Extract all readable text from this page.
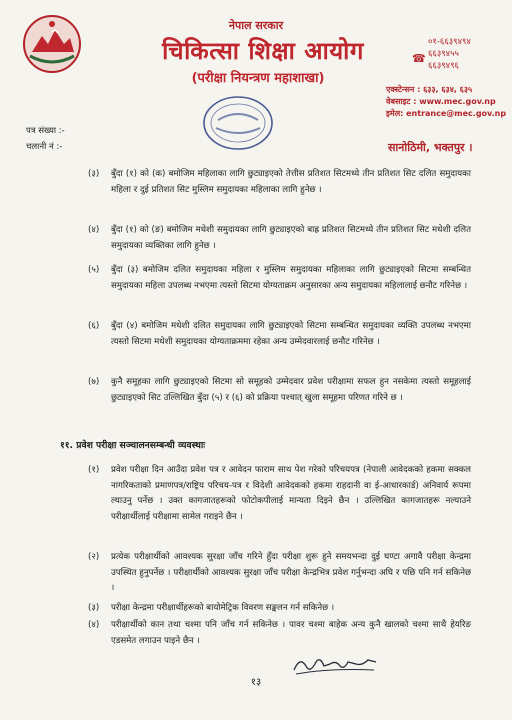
नेपाल सरकार
चिकित्सा शिक्षा आयोग
(परीक्षा नियन्त्रण महाशाखा)
☎
०१-६६३९४९४
६६३९४५५
६६३९४९६
एक्स्टेन्सन : ६३३, ६३४, ६३५
वेबसाइट : www.mec.gov.np
इमेल: entrance@mec.gov.np
पत्र संख्या :-
चलानी नं :-	सानोठिमी, भक्तपुर ।
(३) बुँदा (१) को (क) बमोजिम महिलाका लागि छुट्याइएको तेत्तीस प्रतिशत सिटमध्ये तीन प्रतिशत सिट दलित समुदायका महिला र दुई प्रतिशत सिट मुस्लिम समुदायका महिलाका लागि हुनेछ ।
(४) बुँदा (१) को (ङ) बमोजिम मधेशी समुदायका लागि छुट्याइएको बाह्र प्रतिशत सिटमध्ये तीन प्रतिशत सिट मधेशी दलित समुदायका व्यक्तिका लागि हुनेछ ।
(५) बुँदा (३) बमोजिम दलित समुदायका महिला र मुस्लिम समुदायका महिलाका लागि छुट्याइएको सिटमा सम्बन्धित समुदायका महिला उपलब्ध नभएमा त्यस्तो सिटमा योग्यताक्रम अनुसारका अन्य समुदायका महिलालाई छनौट गरिनेछ ।
(६) बुँदा (४) बमोजिम मधेशी दलित समुदायका लागि छुट्याइएको सिटमा सम्बन्धित समुदायका व्यक्ति उपलब्ध नभएमा त्यस्तो सिटमा मधेशी समुदायका योग्यताक्रममा रहेका अन्य उम्मेदवारलाई छनौट गरिनेछ ।
(७) कुनै समूहका लागि छुट्याइएको सिटमा सो समूहको उम्मेदवार प्रवेश परीक्षामा सफल हुन नसकेमा त्यस्तो समूहलाई छुट्याइएको सिट उल्लिखित बुँदा (५) र (६) को प्रक्रिया पश्चात् खुला समूहमा परिणत गरिने छ ।
११. प्रवेश परीक्षा सञ्चालनसम्बन्धी व्यवस्थाः
(१) प्रवेश परीक्षा दिन आउँदा प्रवेश पत्र र आवेदन फाराम साथ पेश गरेको परिचयपत्र (नेपाली आवेदकको हकमा सक्कल नागरिकताको प्रमाणपत्र/राष्ट्रिय परिचय-पत्र र विदेशी आवेदकको हकमा राहदानी वा ई-आधारकार्ड) अनिवार्य रूपमा ल्याउनु पर्नेछ । उक्त कागजातहरूको फोटोकपीलाई मान्यता दिइने छैन । उल्लिखित कागजातहरू नल्याउने परीक्षार्थीलाई परीक्षामा सामेल गराइने छैन ।
(२) प्रत्येक परीक्षार्थीको आवश्यक सुरक्षा जाँच गरिने हुँदा परीक्षा शुरू हुने समयभन्दा दुई घण्टा अगावै परीक्षा केन्द्रमा उपस्थित हुनुपर्नेछ । परीक्षार्थीको आवश्यक सुरक्षा जाँच परीक्षा केन्द्रभित्र प्रवेश गर्नुभन्दा अघि र पछि पनि गर्न सकिनेछ ।
(३) परीक्षा केन्द्रमा परीक्षार्थीहरूको बायोमेट्रिक विवरण सङ्कलन गर्न सकिनेछ ।
(४) परीक्षार्थीको कान तथा चश्मा पनि जाँच गर्न सकिनेछ । पावर चश्मा बाहेक अन्य कुनै खालको चश्मा साथै हेयरिङ एडसमेत लगाउन पाइने छैन ।
१३
